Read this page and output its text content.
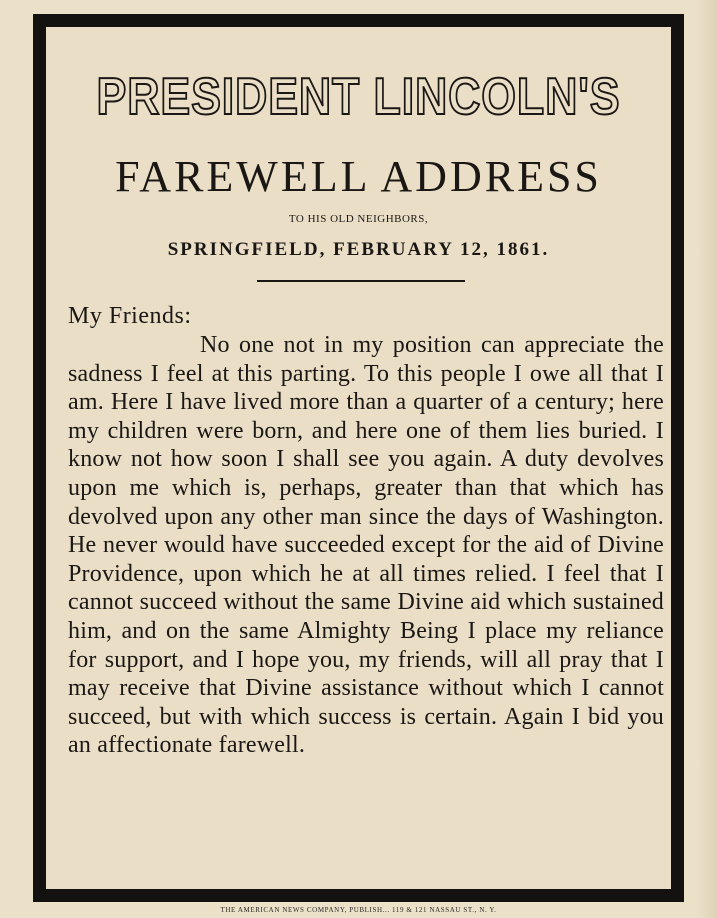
PRESIDENT LINCOLN'S
FAREWELL ADDRESS
TO HIS OLD NEIGHBORS,
SPRINGFIELD, FEBRUARY 12, 1861.
My Friends:
No one not in my position can appreciate the sadness I feel at this parting. To this people I owe all that I am. Here I have lived more than a quarter of a century; here my children were born, and here one of them lies buried. I know not how soon I shall see you again. A duty devolves upon me which is, perhaps, greater than that which has devolved upon any other man since the days of Washington. He never would have succeeded except for the aid of Divine Providence, upon which he at all times relied. I feel that I cannot succeed without the same Divine aid which sustained him, and on the same Almighty Being I place my reliance for support, and I hope you, my friends, will all pray that I may receive that Divine assistance without which I cannot succeed, but with which success is certain. Again I bid you an affectionate farewell.
THE AMERICAN NEWS COMPANY, PUBLISH... 119 & 121 NASSAU ST., N. Y.
